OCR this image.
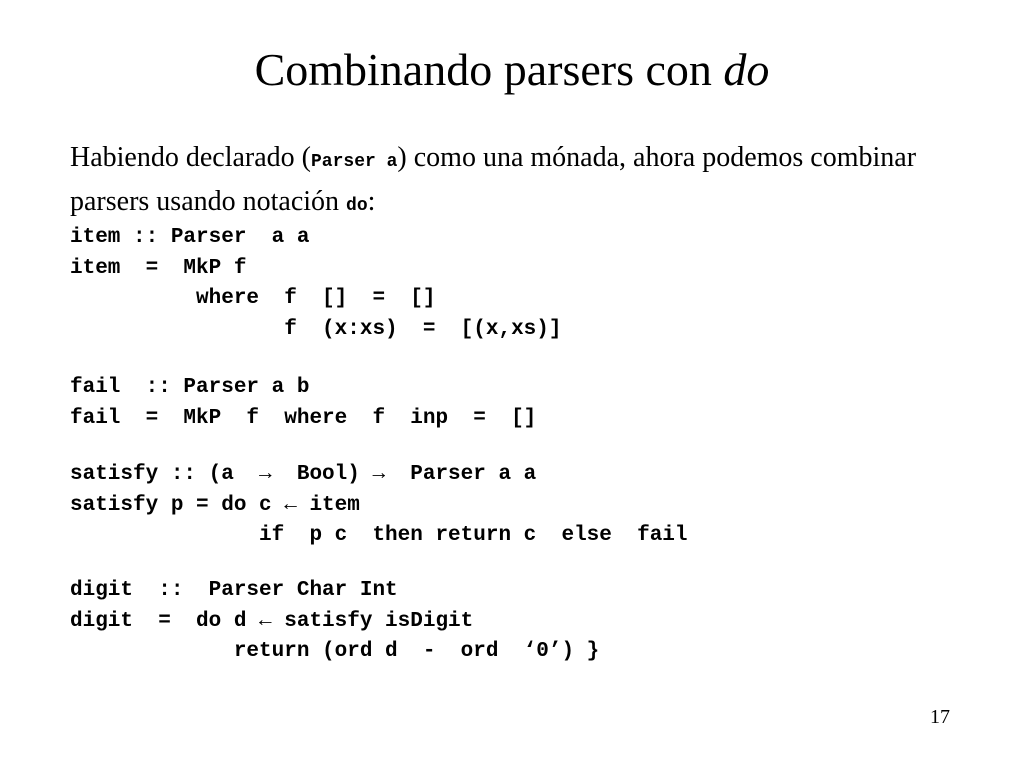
Combinando parsers con do
Habiendo declarado (Parser a) como una mónada, ahora podemos combinar parsers usando notación do:
item :: Parser  a a
item  =  MkP f
where  f  []  =  []
f  (x:xs)  =  [(x,xs)]
fail  :: Parser a b
fail  =  MkP  f  where  f  inp  =  []
satisfy :: (a  →  Bool) →  Parser a a
satisfy p = do c ← item
if  p c  then return c  else  fail
digit  ::  Parser Char Int
digit  =  do d ← satisfy isDigit
return (ord d  -  ord  ‘0’) }
17
